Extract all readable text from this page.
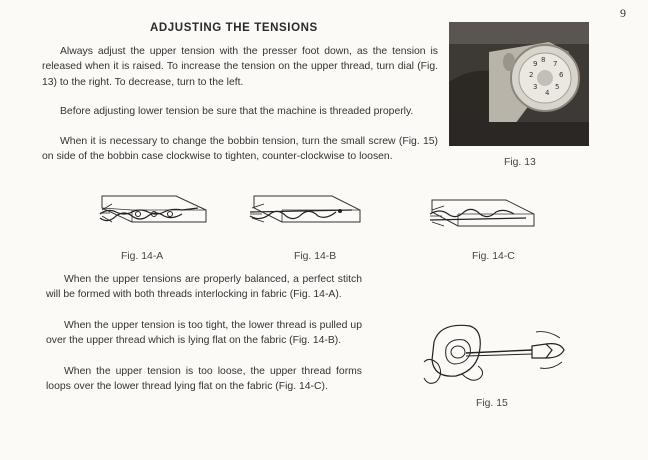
9
ADJUSTING THE TENSIONS
Always adjust the upper tension with the presser foot down, as the tension is released when it is raised. To increase the tension on the upper thread, turn dial (Fig. 13) to the right. To decrease, turn to the left.
Before adjusting lower tension be sure that the machine is threaded properly.
When it is necessary to change the bobbin tension, turn the small screw (Fig. 15) on side of the bobbin case clockwise to tighten, counter-clockwise to loosen.
8 7
6
5
4
3
2
9
Fig. 13
Fig. 14-A	Fig. 14-B	Fig. 14-C
When the upper tensions are properly balanced, a perfect stitch will be formed with both threads interlocking in fabric (Fig. 14-A).
When the upper tension is too tight, the lower thread is pulled up over the upper thread which is lying flat on the fabric (Fig. 14-B).
When the upper tension is too loose, the upper thread forms loops over the lower thread lying flat on the fabric (Fig. 14-C).
Fig. 15
